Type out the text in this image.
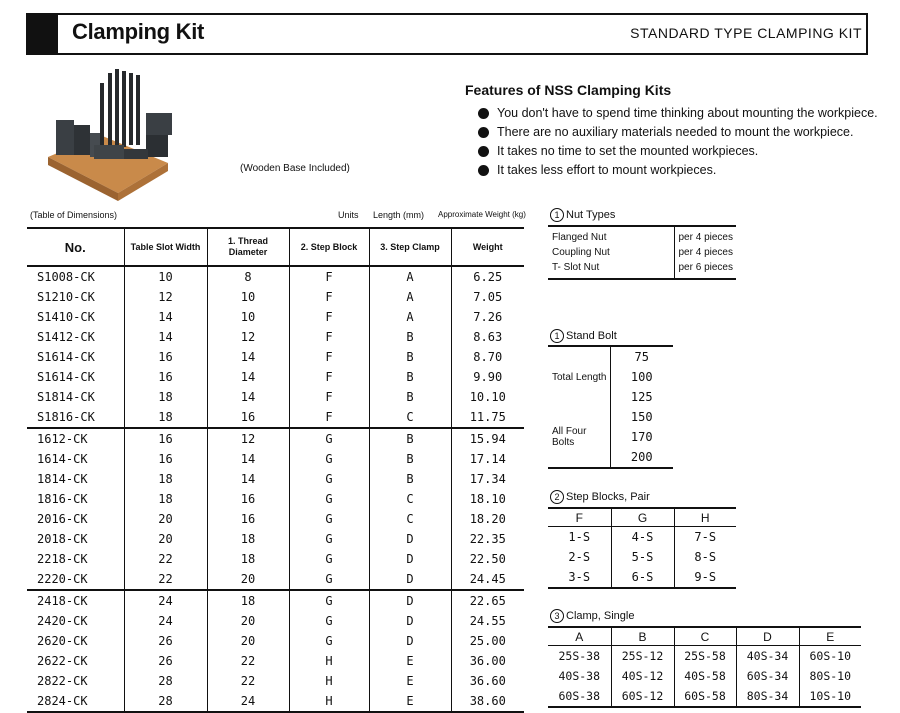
Clamping Kit	STANDARD TYPE CLAMPING KIT
(Wooden Base Included)
Features of NSS Clamping Kits
You don't have to spend time thinking about mounting the workpiece.
There are no auxiliary materials needed to mount the workpiece.
It takes no time to set the mounted workpieces.
It takes less effort to mount workpieces.
(Table of Dimensions)	Units Length (mm) Approximate Weight (kg)
No.	Table Slot Width	1. Thread
Diameter	2. Step Block	3. Step Clamp	Weight
S1008-CK	10	8	F	A	6.25
S1210-CK	12	10	F	A	7.05
S1410-CK	14	10	F	A	7.26
S1412-CK	14	12	F	B	8.63
S1614-CK	16	14	F	B	8.70
S1614-CK	16	14	F	B	9.90
S1814-CK	18	14	F	B	10.10
S1816-CK	18	16	F	C	11.75
1612-CK	16	12	G	B	15.94
1614-CK	16	14	G	B	17.14
1814-CK	18	14	G	B	17.34
1816-CK	18	16	G	C	18.10
2016-CK	20	16	G	C	18.20
2018-CK	20	18	G	D	22.35
2218-CK	22	18	G	D	22.50
2220-CK	22	20	G	D	24.45
2418-CK	24	18	G	D	22.65
2420-CK	24	20	G	D	24.55
2620-CK	26	20	G	D	25.00
2622-CK	26	22	H	E	36.00
2822-CK	28	22	H	E	36.60
2824-CK	28	24	H	E	38.60
1 Nut Types
Flanged Nut	per 4 pieces
Coupling Nut	per 4 pieces
T- Slot Nut	per 6 pieces
1 Stand Bolt
Total Length	75
	100
	125
All Four Bolts	150
	170
	200
2 Step Blocks, Pair
F	G	H
1-S	4-S	7-S
2-S	5-S	8-S
3-S	6-S	9-S
3 Clamp, Single
A	B	C	D	E
25S-38	25S-12	25S-58	40S-34	60S-10
40S-38	40S-12	40S-58	60S-34	80S-10
60S-38	60S-12	60S-58	80S-34	10S-10
